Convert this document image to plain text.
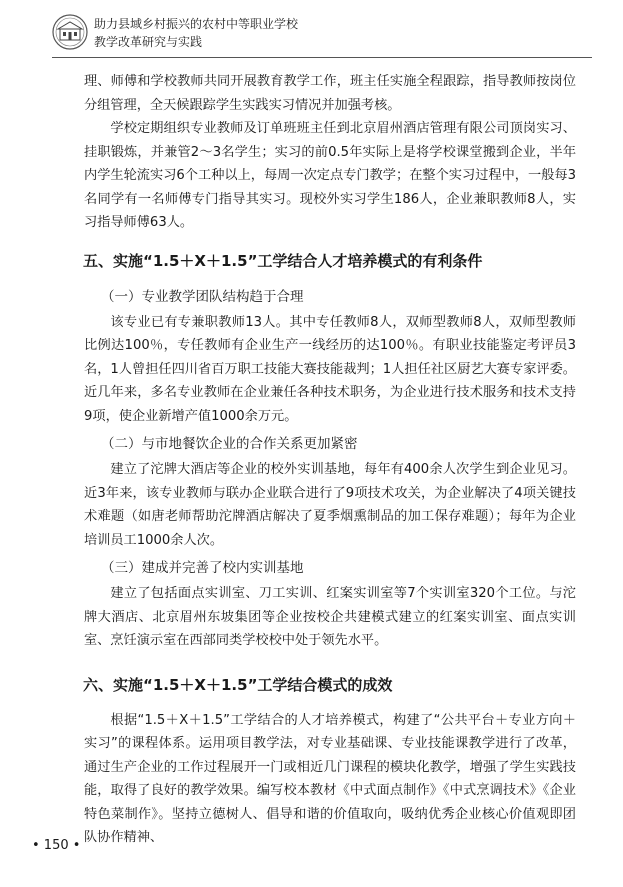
助力县域乡村振兴的农村中等职业学校
教学改革研究与实践

理、师傅和学校教师共同开展教育教学工作，班主任实施全程跟踪，指导教师按岗位分组管理，全天候跟踪学生实践实习情况并加强考核。

学校定期组织专业教师及订单班班主任到北京眉州酒店管理有限公司顶岗实习、挂职锻炼，并兼管2～3名学生；实习的前0.5年实际上是将学校课堂搬到企业，半年内学生轮流实习6个工种以上，每周一次定点专门教学；在整个实习过程中，一般每3名同学有一名师傅专门指导其实习。现校外实习学生186人，企业兼职教师8人，实习指导师傅63人。

五、实施“1.5＋X＋1.5”工学结合人才培养模式的有利条件
（一）专业教学团队结构趋于合理

该专业已有专兼职教师13人。其中专任教师8人，双师型教师8人，双师型教师比例达100％，专任教师有企业生产一线经历的达100％。有职业技能鉴定考评员3名，1人曾担任四川省百万职工技能大赛技能裁判；1人担任社区厨艺大赛专家评委。近几年来，多名专业教师在企业兼任各种技术职务，为企业进行技术服务和技术支持9项，使企业新增产值1000余万元。

（二）与市地餐饮企业的合作关系更加紧密

建立了沱牌大酒店等企业的校外实训基地，每年有400余人次学生到企业见习。近3年来，该专业教师与联办企业联合进行了9项技术攻关，为企业解决了4项关键技术难题（如唐老师帮助沱牌酒店解决了夏季烟熏制品的加工保存难题）；每年为企业培训员工1000余人次。

（三）建成并完善了校内实训基地

建立了包括面点实训室、刀工实训、红案实训室等7个实训室320个工位。与沱牌大酒店、北京眉州东坡集团等企业按校企共建模式建立的红案实训室、面点实训室、烹饪演示室在西部同类学校校中处于领先水平。

六、实施“1.5＋X＋1.5”工学结合模式的成效

根据“1.5＋X＋1.5”工学结合的人才培养模式，构建了“公共平台＋专业方向＋实习”的课程体系。运用项目教学法，对专业基础课、专业技能课教学进行了改革，通过生产企业的工作过程展开一门或相近几门课程的模块化教学，增强了学生实践技能，取得了良好的教学效果。编写校本教材《中式面点制作》《中式烹调技术》《企业特色菜制作》。坚持立德树人、倡导和谐的价值取向，吸纳优秀企业核心价值观即团队协作精神、

• 150 •
